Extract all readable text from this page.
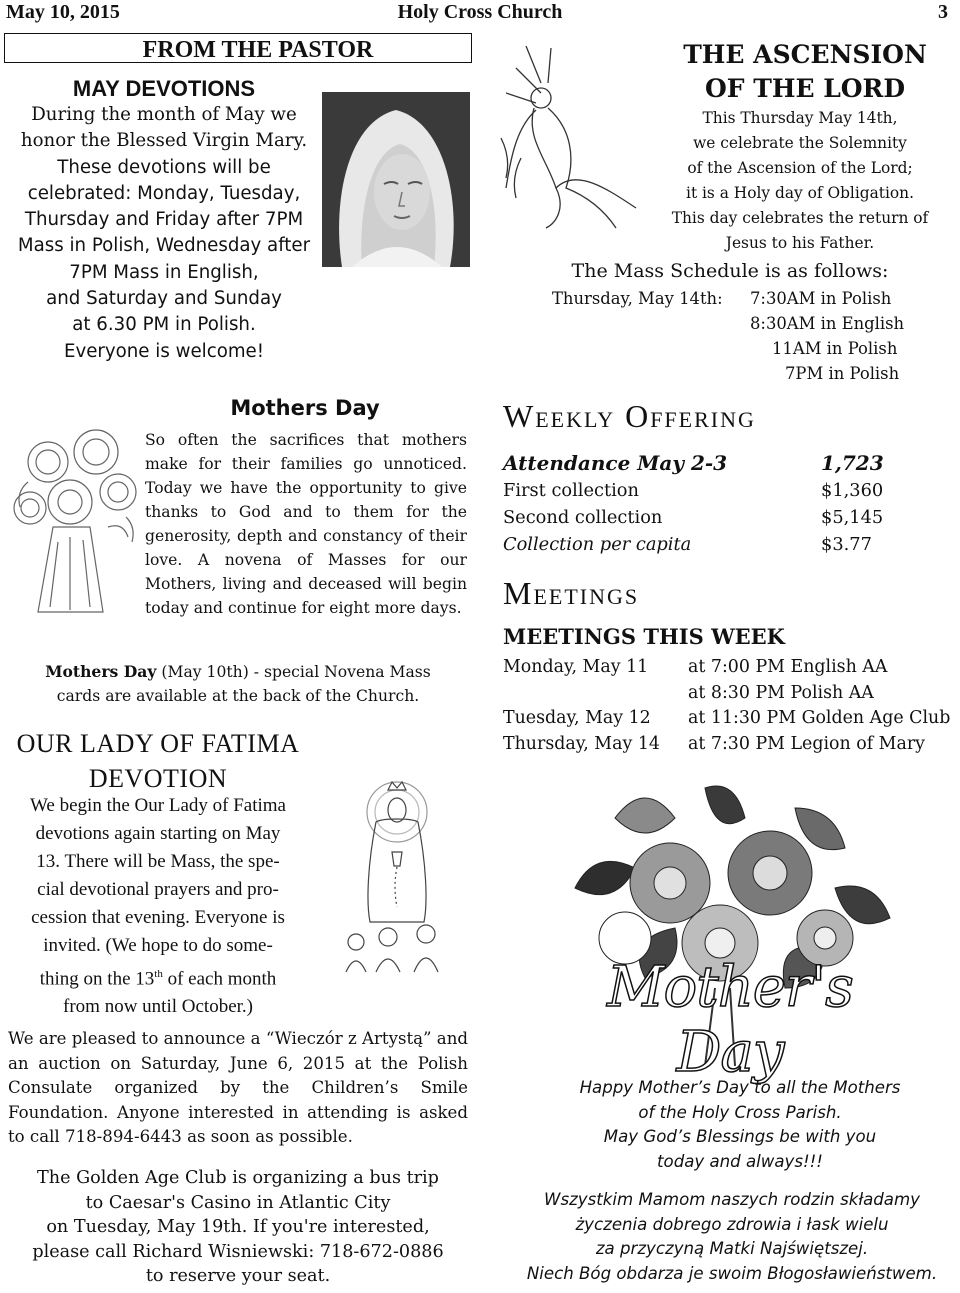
May 10, 2015	Holy Cross Church	3
FROM THE PASTOR
MAY DEVOTIONS
During the month of May we
honor the Blessed Virgin Mary.
These devotions will be
celebrated: Monday, Tuesday,
Thursday and Friday after 7PM
Mass in Polish, Wednesday after
7PM Mass in English,
and Saturday and Sunday
at 6.30 PM in Polish.
Everyone is welcome!
Mothers Day
So often the sacrifices that mothers make for their families go unnoticed. Today we have the opportunity to give thanks to God and to them for the generosity, depth and constancy of their love. A novena of Masses for our Mothers, living and deceased will begin today and continue for eight more days.
Mothers Day (May 10th) - special Novena Mass
cards are available at the back of the Church.
OUR LADY OF FATIMA
DEVOTION
We begin the Our Lady of Fatima
devotions again starting on May
13. There will be Mass, the spe-
cial devotional prayers and pro-
cession that evening. Everyone is
invited. (We hope to do some-
thing on the 13th of each month
from now until October.)
We are pleased to announce a “Wieczór z Artystą” and an auction on Saturday, June 6, 2015 at the Polish Consulate organized by the Children’s Smile Foundation. Anyone interested in attending is asked to call 718-894-6443 as soon as possible.
The Golden Age Club is organizing a bus trip
to Caesar's Casino in Atlantic City
on Tuesday, May 19th. If you're interested,
please call Richard Wisniewski: 718-672-0886
to reserve your seat.
THE ASCENSION
OF THE LORD
This Thursday May 14th,
we celebrate the Solemnity
of the Ascension of the Lord;
it is a Holy day of Obligation.
This day celebrates the return of
Jesus to his Father.
The Mass Schedule is as follows:
Thursday, May 14th: 7:30AM in Polish
8:30AM in English
11AM in Polish
7PM in Polish
Weekly Offering
Attendance May 2-3	1,723
First collection	$1,360
Second collection	$5,145
Collection per capita	$3.77
Meetings
MEETINGS THIS WEEK
Monday, May 11 at 7:00 PM English AA
at 8:30 PM Polish AA
Tuesday, May 12 at 11:30 PM Golden Age Club
Thursday, May 14 at 7:30 PM Legion of Mary
Mother's Day
Happy Mother’s Day to all the Mothers
of the Holy Cross Parish.
May God’s Blessings be with you
today and always!!!
Wszystkim Mamom naszych rodzin składamy
życzenia dobrego zdrowia i łask wielu
za przyczyną Matki Najświętszej.
Niech Bóg obdarza je swoim Błogosławieństwem.
